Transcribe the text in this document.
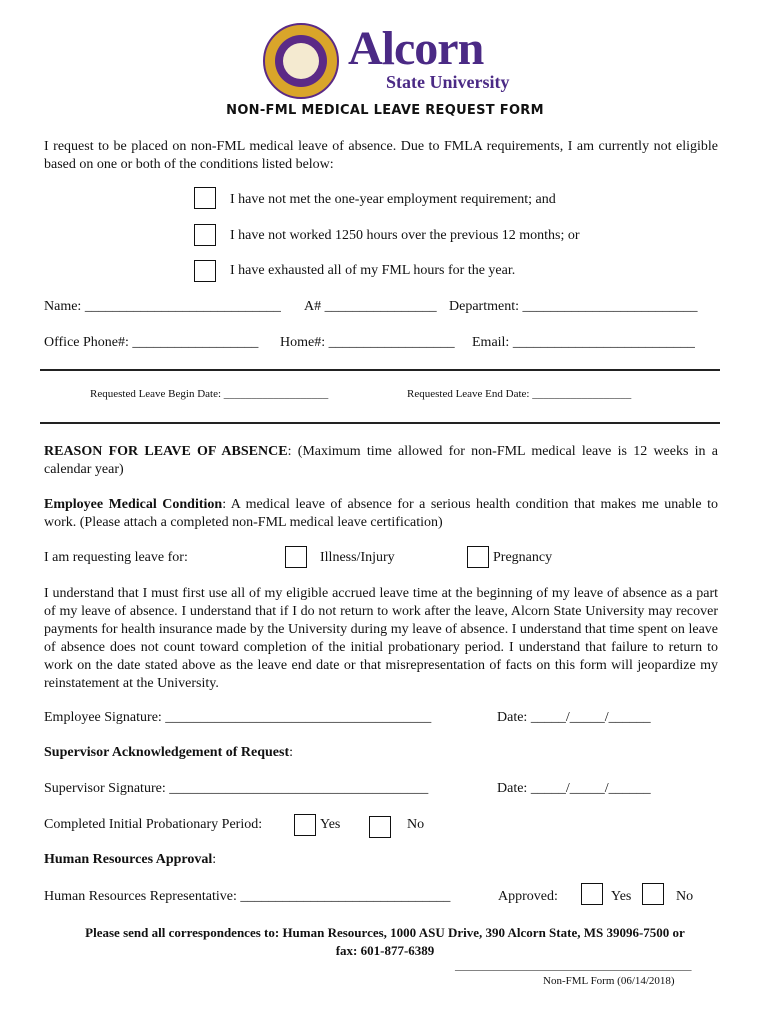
Alcorn
State University
NON-FML MEDICAL LEAVE REQUEST FORM
I request to be placed on non-FML medical leave of absence. Due to FMLA requirements, I am currently not eligible based on one or both of the conditions listed below:
I have not met the one-year employment requirement; and
I have not worked 1250 hours over the previous 12 months; or
I have exhausted all of my FML hours for the year.
Name: ____________________________ A# ________________ Department: _________________________
Office Phone#: __________________ Home#: __________________ Email: __________________________
Requested Leave Begin Date: ___________________	Requested Leave End Date: __________________
REASON FOR LEAVE OF ABSENCE: (Maximum time allowed for non-FML medical leave is 12 weeks in a calendar year)
Employee Medical Condition: A medical leave of absence for a serious health condition that makes me unable to work. (Please attach a completed non-FML medical leave certification)
I am requesting leave for:	Illness/Injury	Pregnancy
I understand that I must first use all of my eligible accrued leave time at the beginning of my leave of absence as a part of my leave of absence. I understand that if I do not return to work after the leave, Alcorn State University may recover payments for health insurance made by the University during my leave of absence. I understand that time spent on leave of absence does not count toward completion of the initial probationary period. I understand that failure to return to work on the date stated above as the leave end date or that misrepresentation of facts on this form will jeopardize my reinstatement at the University.
Employee Signature: ______________________________________	Date: _____/_____/______
Supervisor Acknowledgement of Request:
Supervisor Signature: _____________________________________	Date: _____/_____/______
Completed Initial Probationary Period:	Yes	No
Human Resources Approval:
Human Resources Representative: ______________________________	Approved:	Yes	No
Please send all correspondences to: Human Resources, 1000 ASU Drive, 390 Alcorn State, MS 39096-7500 or
fax: 601-877-6389
___________________________________________
Non-FML Form (06/14/2018)
